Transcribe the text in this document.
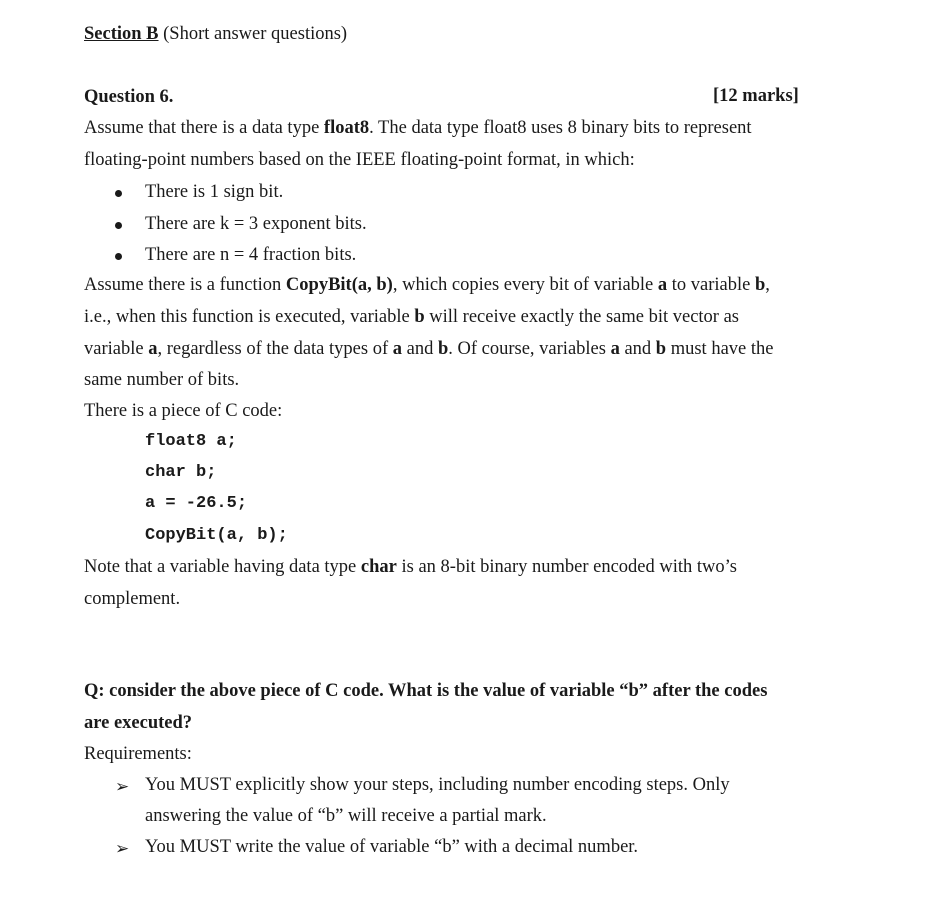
Section B (Short answer questions)
Question 6.	[12 marks]
Assume that there is a data type float8. The data type float8 uses 8 binary bits to represent
floating-point numbers based on the IEEE floating-point format, in which:
There is 1 sign bit.
There are k = 3 exponent bits.
There are n = 4 fraction bits.
Assume there is a function CopyBit(a, b), which copies every bit of variable a to variable b,
i.e., when this function is executed, variable b will receive exactly the same bit vector as
variable a, regardless of the data types of a and b. Of course, variables a and b must have the
same number of bits.
There is a piece of C code:
float8 a;
char b;
a = -26.5;
CopyBit(a, b);
Note that a variable having data type char is an 8-bit binary number encoded with two’s
complement.
Q: consider the above piece of C code. What is the value of variable “b” after the codes
are executed?
Requirements:
➢ You MUST explicitly show your steps, including number encoding steps. Only
answering the value of “b” will receive a partial mark.
➢ You MUST write the value of variable “b” with a decimal number.
